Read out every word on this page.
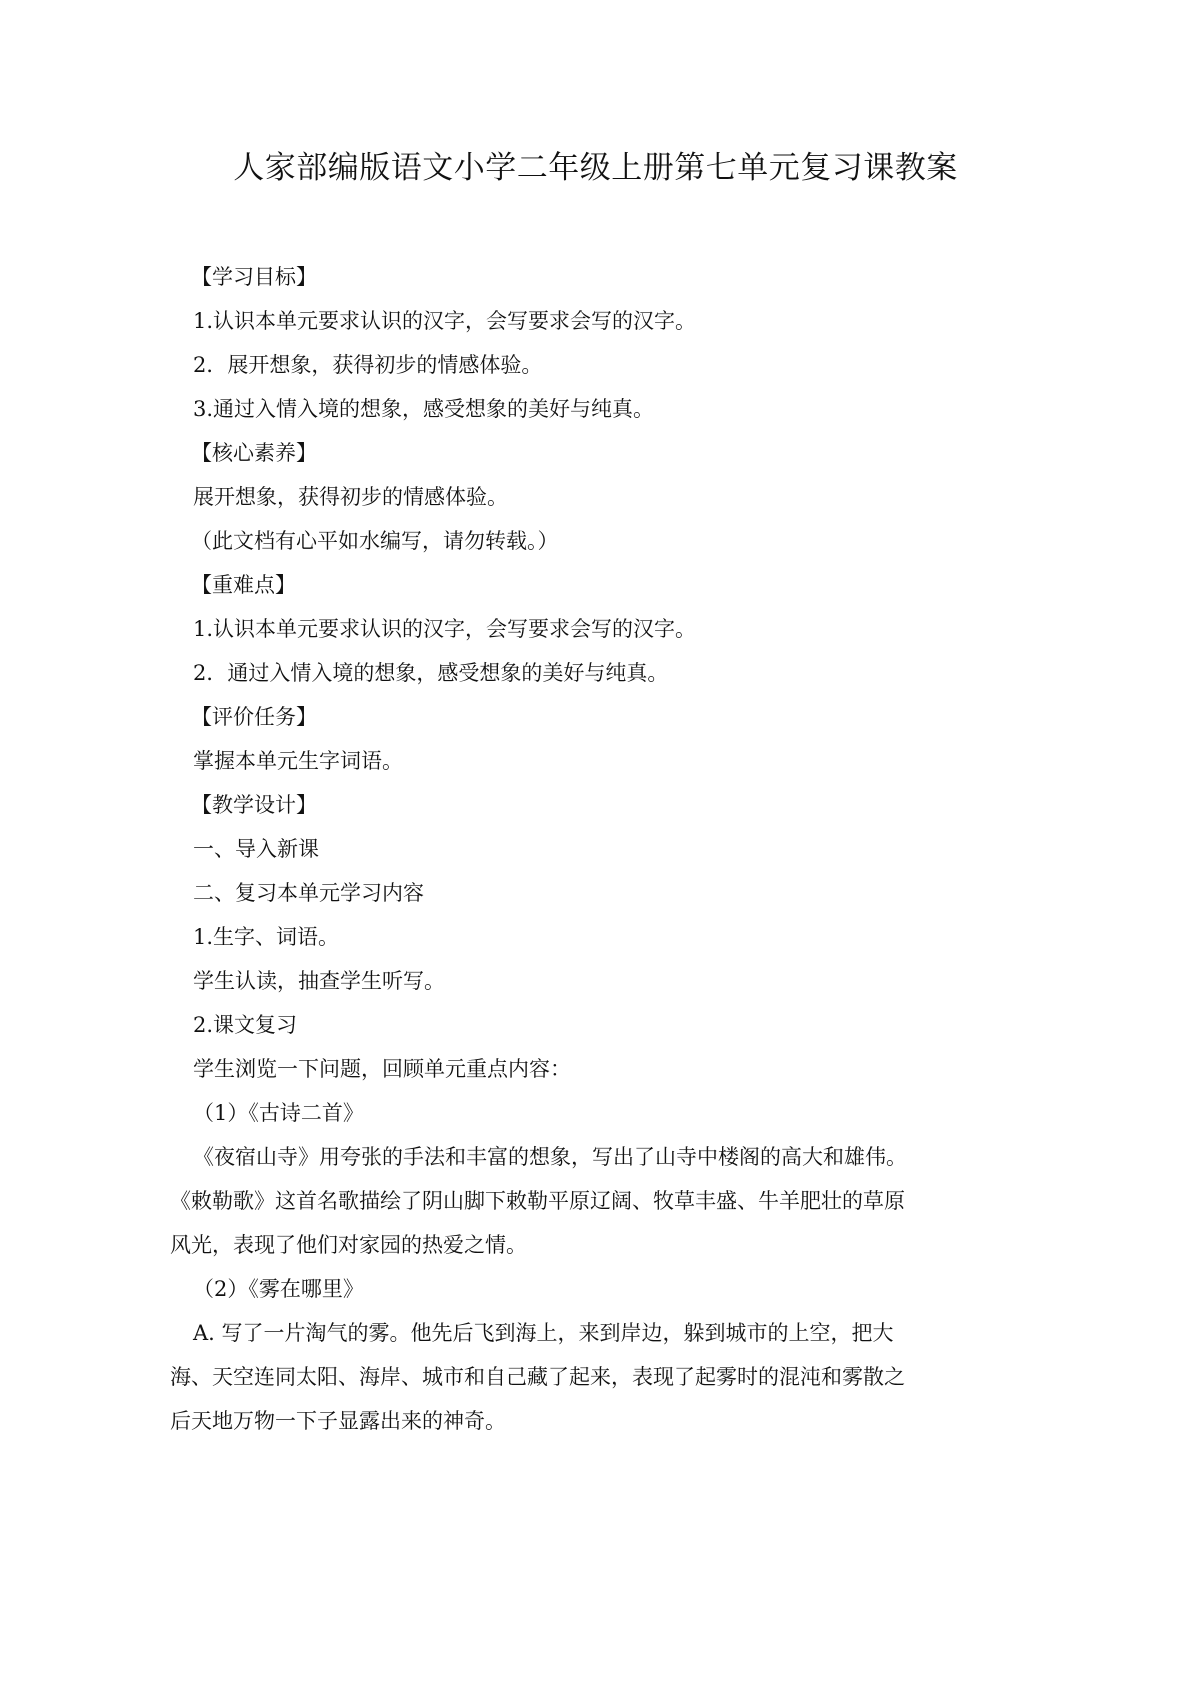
人家部编版语文小学二年级上册第七单元复习课教案
【学习目标】
1.认识本单元要求认识的汉字，会写要求会写的汉字。
2．展开想象，获得初步的情感体验。
3.通过入情入境的想象，感受想象的美好与纯真。
【核心素养】
展开想象，获得初步的情感体验。
（此文档有心平如水编写，请勿转载。）
【重难点】
1.认识本单元要求认识的汉字，会写要求会写的汉字。
2．通过入情入境的想象，感受想象的美好与纯真。
【评价任务】
掌握本单元生字词语。
【教学设计】
一、导入新课
二、复习本单元学习内容
1.生字、词语。
学生认读，抽查学生听写。
2.课文复习
学生浏览一下问题，回顾单元重点内容：
（1）《古诗二首》
《夜宿山寺》用夸张的手法和丰富的想象，写出了山寺中楼阁的高大和雄伟。
《敕勒歌》这首名歌描绘了阴山脚下敕勒平原辽阔、牧草丰盛、牛羊肥壮的草原
风光，表现了他们对家园的热爱之情。
（2）《雾在哪里》
A. 写了一片淘气的雾。他先后飞到海上，来到岸边，躲到城市的上空，把大
海、天空连同太阳、海岸、城市和自己藏了起来，表现了起雾时的混沌和雾散之
后天地万物一下子显露出来的神奇。
